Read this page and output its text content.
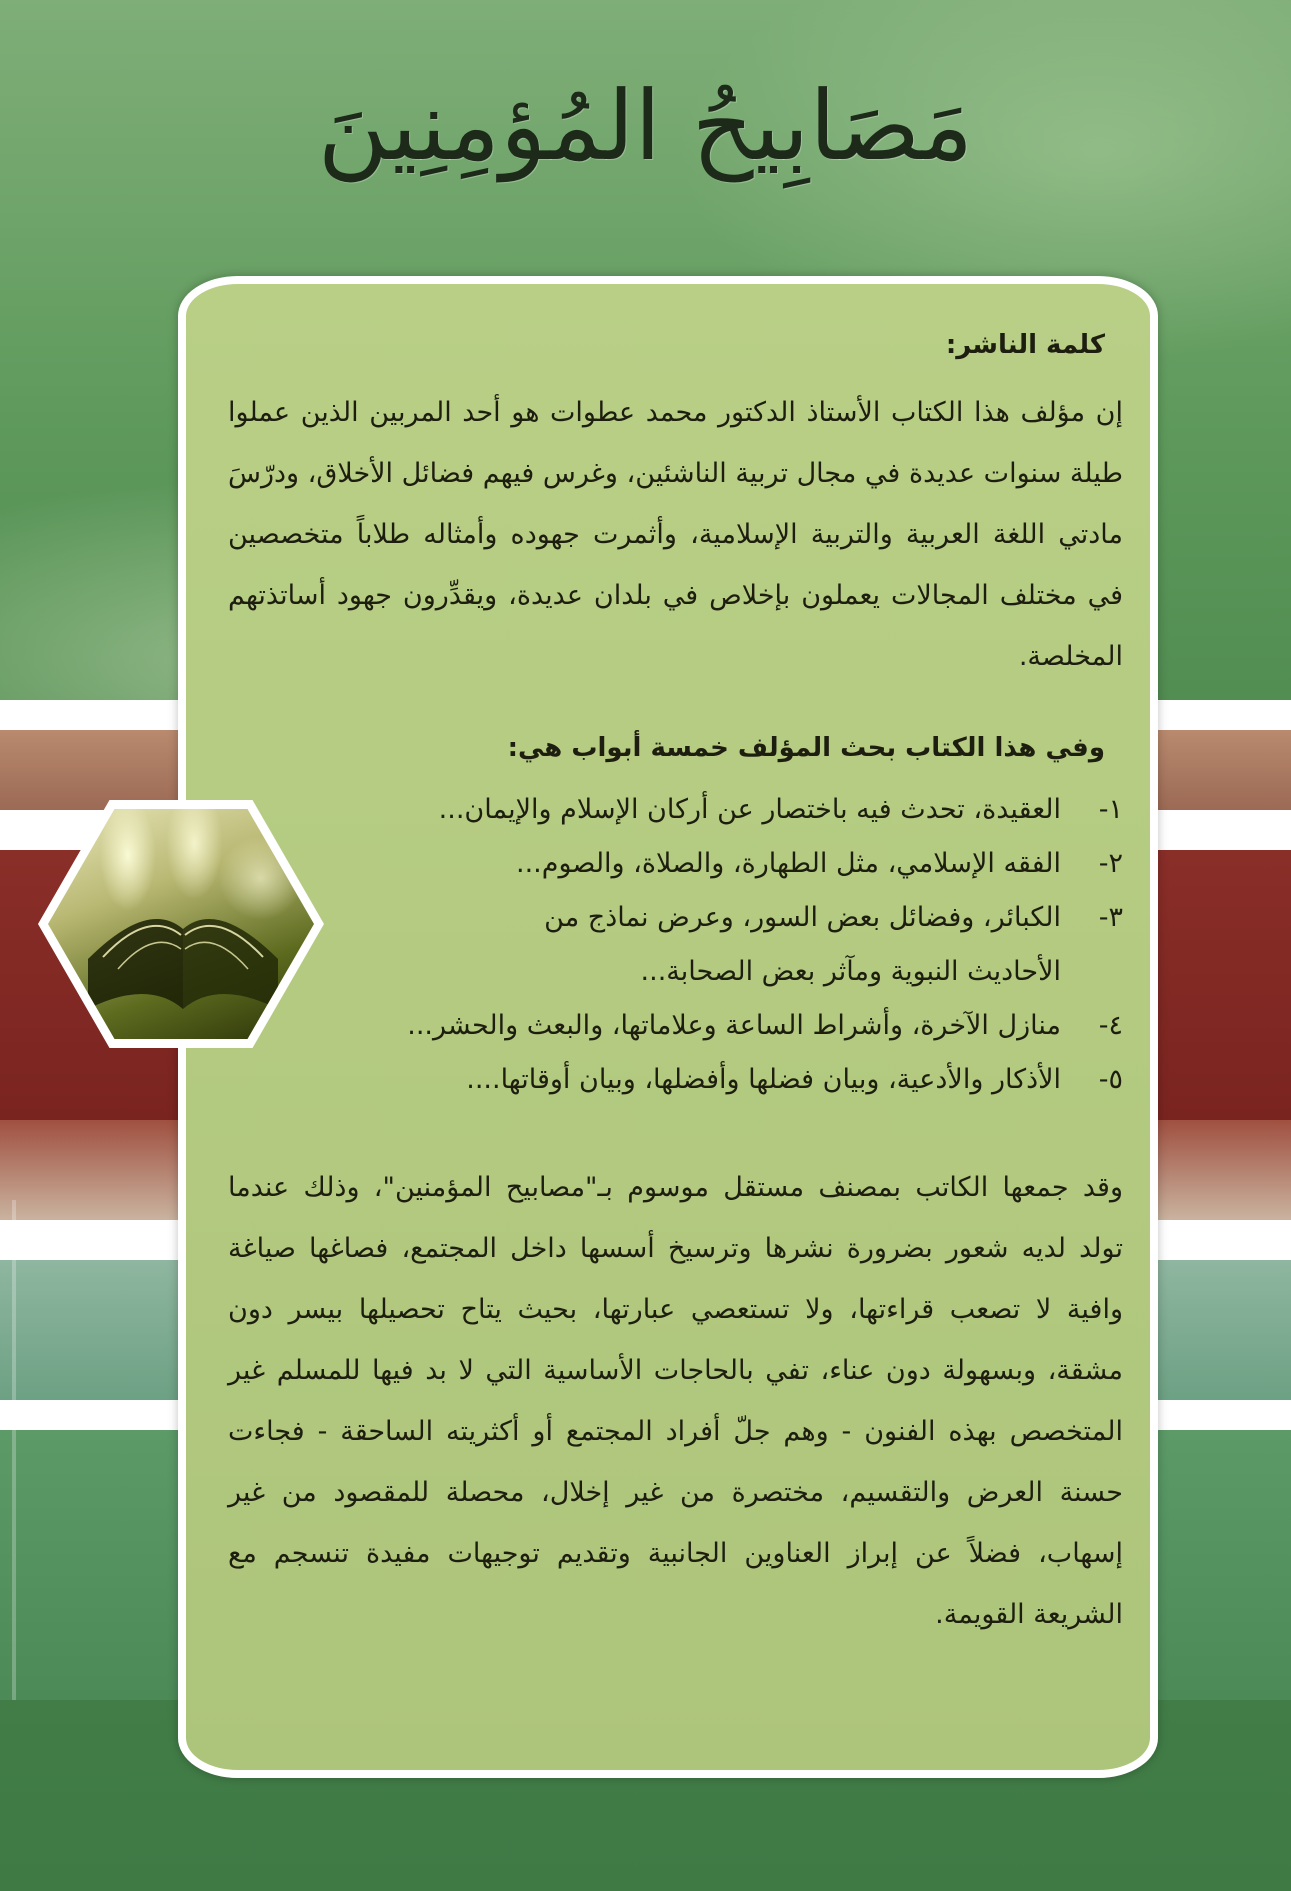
مَصَابِيحُ المُؤمِنِينَ
كلمة الناشر:

إن مؤلف هذا الكتاب الأستاذ الدكتور محمد عطوات هو أحد المربين الذين عملوا طيلة سنوات عديدة في مجال تربية الناشئين، وغرس فيهم فضائل الأخلاق، ودرّسَ مادتي اللغة العربية والتربية الإسلامية، وأثمرت جهوده وأمثاله طلاباً متخصصين في مختلف المجالات يعملون بإخلاص في بلدان عديدة، ويقدِّرون جهود أساتذتهم المخلصة.

وفي هذا الكتاب بحث المؤلف خمسة أبواب هي:
١-
العقيدة، تحدث فيه باختصار عن أركان الإسلام والإيمان...
٢-
الفقه الإسلامي، مثل الطهارة، والصلاة، والصوم...
٣-
الكبائر، وفضائل بعض السور، وعرض نماذج من الأحاديث النبوية ومآثر بعض الصحابة...
٤-
منازل الآخرة، وأشراط الساعة وعلاماتها، والبعث والحشر...
٥-
الأذكار والأدعية، وبيان فضلها وأفضلها، وبيان أوقاتها....

وقد جمعها الكاتب بمصنف مستقل موسوم بـ"مصابيح المؤمنين"، وذلك عندما تولد لديه شعور بضرورة نشرها وترسيخ أسسها داخل المجتمع، فصاغها صياغة وافية لا تصعب قراءتها، ولا تستعصي عبارتها، بحيث يتاح تحصيلها بيسر دون مشقة، وبسهولة دون عناء، تفي بالحاجات الأساسية التي لا بد فيها للمسلم غير المتخصص بهذه الفنون - وهم جلّ أفراد المجتمع أو أكثريته الساحقة - فجاءت حسنة العرض والتقسيم، مختصرة من غير إخلال، محصلة للمقصود من غير إسهاب، فضلاً عن إبراز العناوين الجانبية وتقديم توجيهات مفيدة تنسجم مع الشريعة القويمة.
